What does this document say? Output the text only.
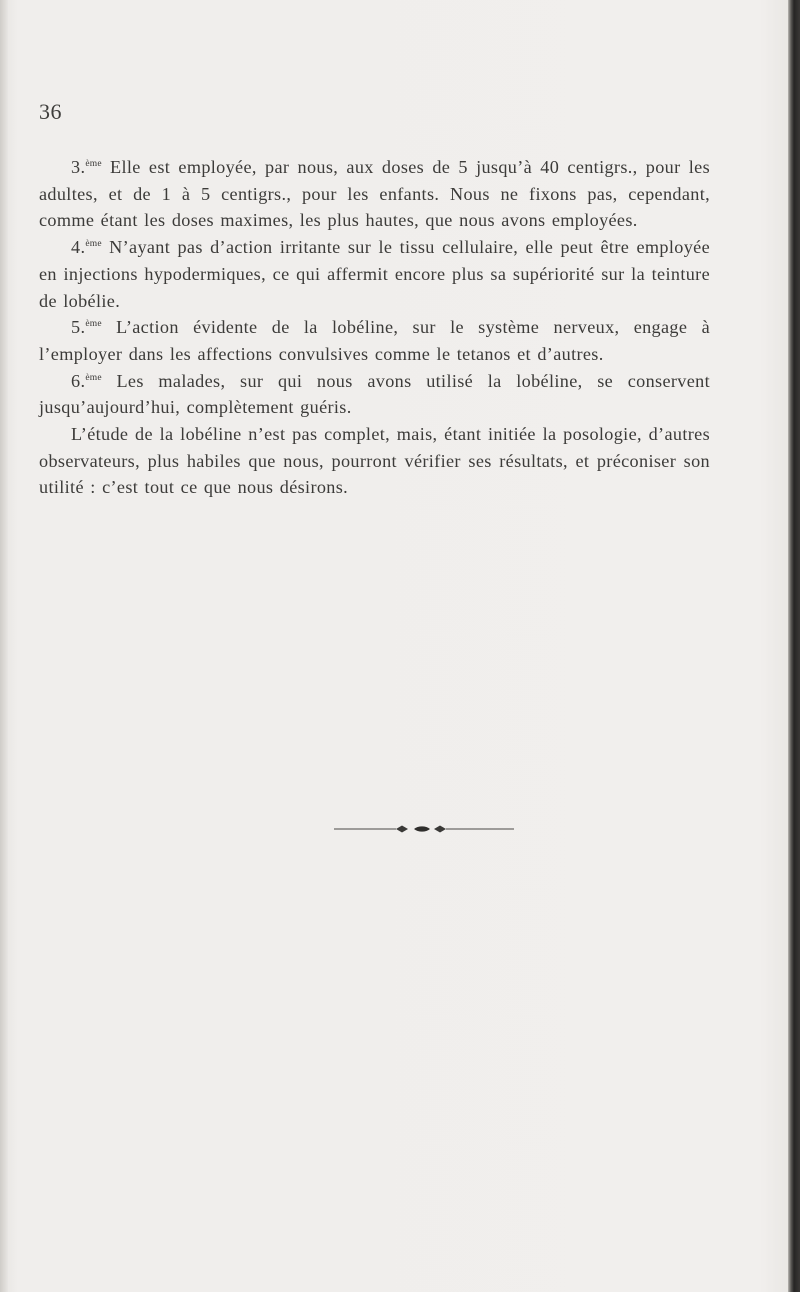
36

3.$^{ème}$ Elle est employée, par nous, aux doses de 5 jusqu’à 40 centigrs., pour les adultes, et de 1 à 5 centigrs., pour les enfants. Nous ne fixons pas, cependant, comme étant les doses maximes, les plus hautes, que nous avons employées.

4.$^{ème}$ N’ayant pas d’action irritante sur le tissu cellulaire, elle peut être employée en injections hypodermiques, ce qui affermit encore plus sa supériorité sur la teinture de lobélie.

5.$^{ème}$ L’action évidente de la lobéline, sur le système nerveux, engage à l’employer dans les affections convulsives comme le tetanos et d’autres.

6.$^{ème}$ Les malades, sur qui nous avons utilisé la lobéline, se conservent jusqu’aujourd’hui, complètement guéris.

L’étude de la lobéline n’est pas complet, mais, étant initiée la posologie, d’autres observateurs, plus habiles que nous, pourront vérifier ses résultats, et préconiser son utilité : c’est tout ce que nous désirons.
